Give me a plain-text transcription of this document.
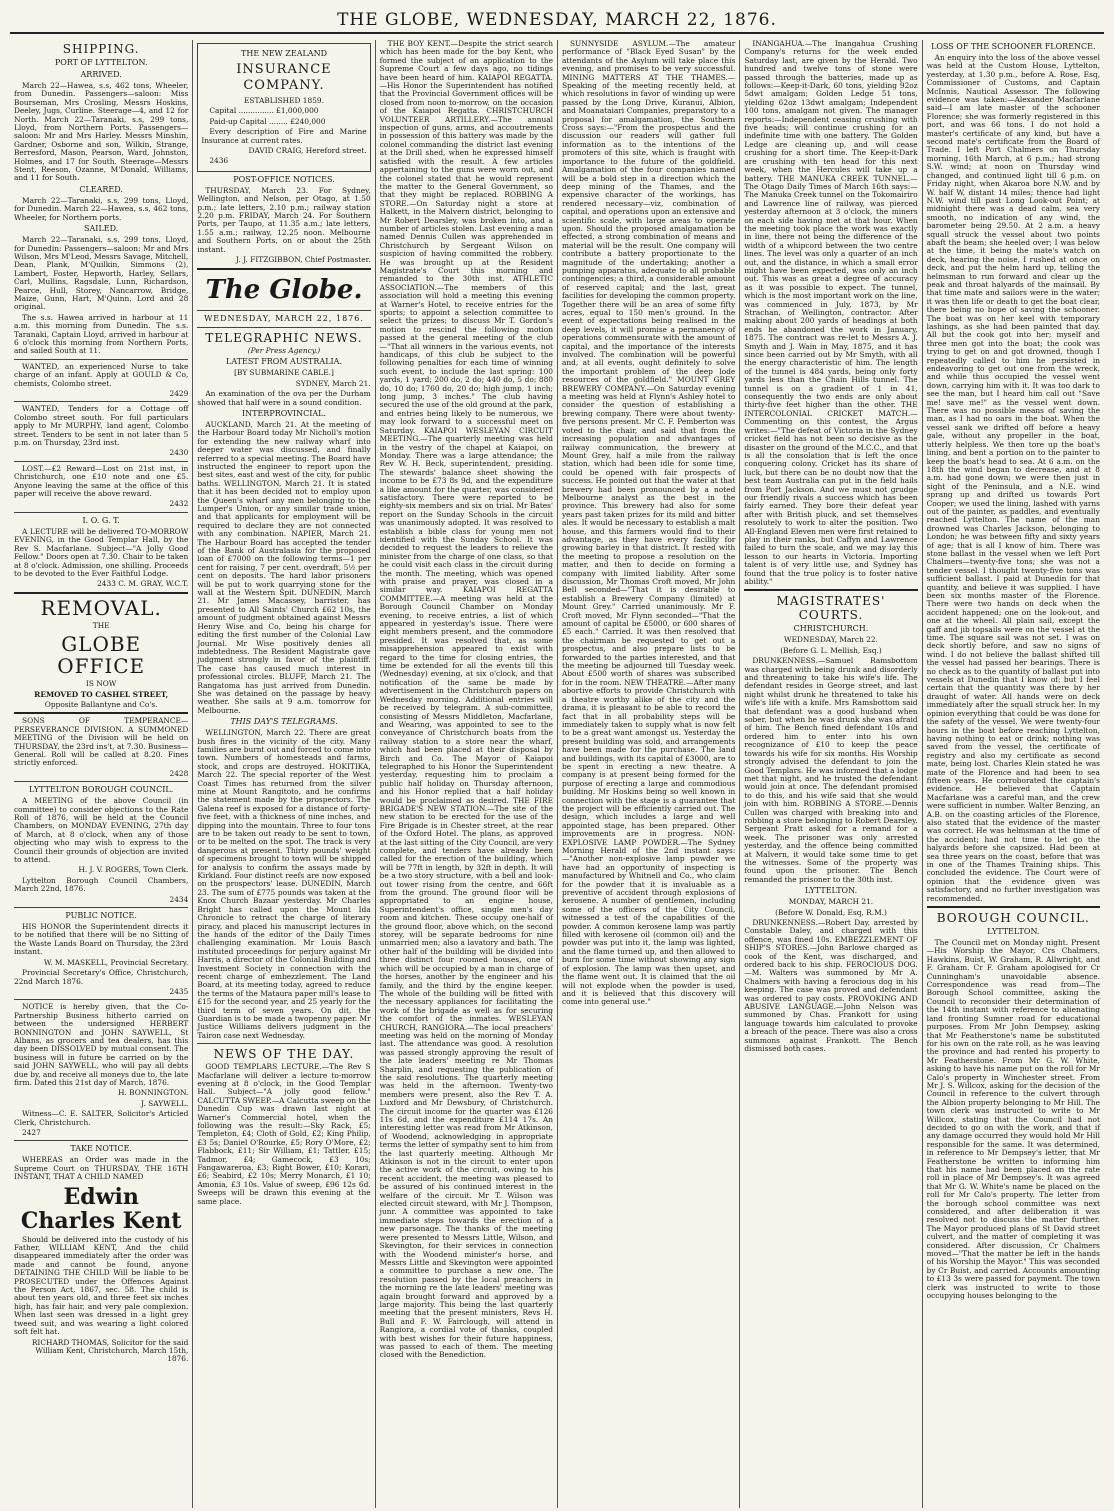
THE GLOBE, WEDNESDAY, MARCH 22, 1876.
SHIPPING.
PORT OF LYTTELTON.
ARRIVED.

March 22—Hawea, s.s, 462 tons, Wheeler, from Dunedin. Passengers—saloon: Miss Bourseman, Mrs Crosling, Messrs Hoskins, Deeley, Jugs, Curline. Steerage—4, and 12 for North. March 22—Taranaki, s.s, 299 tons, Lloyd, from Northern Ports. Passengers—saloon: Mr and Mrs Harley. Messrs Minshin, Gardner, Osborne and son, Wilkin, Strange, Berresford, Mason, Pearson, Ward, Johnston, Holmes, and 17 for South. Steerage—Messrs Stent, Reeson, Ozanne, M'Donald, Williams, and 11 for South.

CLEARED.

March 22—Taranaki, s.s, 299 tons, Lloyd, for Dunedin. March 22—Hawea, s.s, 462 tons, Wheeler, for Northern ports.

SAILED.

March 22—Taranaki, s.s, 299 tons, Lloyd, for Dunedin: Passengers—saloon: Mr and Mrs Wilson, Mrs M'Leod, Messrs Savage, Mitchell, Dean, Plank, M'Quilkin, Simmons (2), Lambert, Foster, Hepworth, Harley, Sellars, Carl, Mullins, Ragsdale, Lunn, Richardson, Pearce, Hull, Storey, Nancarrow, Bridge, Maize, Gunn, Hart, M'Quinn, Lord and 28 original.

The s.s. Hawea arrived in harbour at 11 a.m. this morning from Dunedin. The s.s. Taranaki, Captain Lloyd, arrived in harbour at 6 o'clock this morning from Northern Ports, and sailed South at 11.

WANTED, an experienced Nurse to take charge of an infant. Apply at GOULD & Co, chemists, Colombo street.

2429

WANTED, Tenders for a Cottage off Colombo street south. For full particulars apply to Mr MURPHY, land agent, Colombo street. Tenders to be sent in not later than 5 p.m. on Thursday, 23rd inst.

2430

LOST.—£2 Reward—Lost on 21st inst, in Christchurch, one £10 note and one £5. Anyone leaving the same at the office of this paper will receive the above reward.

2432

I. O. G. T.

A LECTURE will be delivered TO-MORROW EVENING, in the Good Templar Hall, by the Rev S. Macfarlane. Subject—"A Jolly Good Fellow." Doors open at 7.30. Chair to be taken at 8 o'clock. Admission, one shilling. Proceeds to be devoted to the Ever Faithful Lodge.

2433 C. M. GRAY, W.C.T.

REMOVAL.

THE

GLOBE OFFICE

IS NOW

REMOVED TO CASHEL STREET,

Opposite Ballantyne and Co's.

SONS OF TEMPERANCE—PERSEVERANCE DIVISION. A SUMMONED MEETING of the Division will be held on THURSDAY, the 23rd ins't, at 7.30. Business—General. Roll will be called at 8.20. Fines strictly enforced.

2428

LYTTELTON BOROUGH COUNCIL.

A MEETING of the above Council (in committee) to consider objections to the Rate Roll of 1876, will be held at the Council Chambers, on MONDAY EVENING, 27th day of March, at 8 o'clock, when any of those objecting who may wish to express to the Council their grounds of objection are invited to attend.

H. J. V. ROGERS, Town Clerk.

Lyttelton Borough Council Chambers, March 22nd, 1876.

2434

PUBLIC NOTICE.

HIS HONOR the Superintendent directs it to be notified that there will be no Sitting of the Waste Lands Board on Thursday, the 23rd instant.

W. M. MASKELL, Provincial Secretary.

Provincial Secretary's Office, Christchurch, 22nd March 1876.

2435

NOTICE is hereby given, that the Co-Partnership Business hitherto carried on between the undersigned HERBERT BONNINGTON and JOHN SAYWELL, St Albans, as grocers and tea dealers, has this day been DISSOLVED by mutual consent. The business will in future be carried on by the said JOHN SAYWELL, who will pay all debts due by, and receive all moneys due to, the late firm. Dated this 21st day of March, 1876.

H. BONNINGTON.

J. SAYWELL.

Witness—C. E. SALTER, Solicitor's Articled Clerk, Christchurch.

2427

TAKE NOTICE.

WHEREAS an Order was made in the Supreme Court on THURSDAY, THE 16TH INSTANT, THAT A CHILD NAMED

Edwin Charles Kent

Should be delivered into the custody of his Father, WILLIAM KENT, And the child disappeared immediately after the order was made and cannot be found, anyone DETAINING THE CHILD Will be liable to be PROSECUTED under the Offences Against the Person Act, 1867, sec. 58. The child is about ten years old, and three feet six inches high, has fair hair, and very pale complexion. When last seen was dressed in a light grey tweed suit, and was wearing a light colored soft felt hat.

RICHARD THOMAS, Solicitor for the said William Kent, Christchurch, March 15th, 1876.

THE NEW ZEALAND
INSURANCE COMPANY.

ESTABLISHED 1859.

Capital ............... £1,000,000

Paid-up Capital ........ £240,000

Every description of Fire and Marine Insurance at current rates.

DAVID CRAIG, Hereford street.

2436

POST-OFFICE NOTICES.

THURSDAY, March 23. For Sydney, Wellington, and Nelson, per Otago, at 1.50 p.m.; late letters, 2.10 p.m.; railway station 2.20 p.m. FRIDAY, March 24. For Southern Ports, per Taupo, at 11.35 a.m.; late letters, 1.55 a.m.; railway, 12.25 noon. Melbourne and Southern Ports, on or about the 25th instant.

J. J. FITZGIBBON, Chief Postmaster.

The Globe.
WEDNESDAY, MARCH 22, 1876.
TELEGRAPHIC NEWS.

(Per Press Agency.)

LATEST FROM AUSTRALIA.

[BY SUBMARINE CABLE.]

SYDNEY, March 21.

An examination of the ova per the Durham showed that half were in a sound condition.

INTERPROVINCIAL.

AUCKLAND, March 21. At the meeting of the Harbour Board today Mr Nicholl's motion for extending the new railway wharf into deeper water was discussed, and finally referred to a special meeting. The Board have instructed the engineer to report upon the best sites, east and west of the city, for public baths. WELLINGTON, March 21. It is stated that it has been decided not to employ upon the Queen's wharf any men belonging to the Lumper's Union, or any similar trade union, and that applicants for employment will be required to declare they are not connected with any combination. NAPIER, March 21. The Harbour Board has accepted the tender of the Bank of Australasia for the proposed loan of £7000 on the following terms—1 per cent for raising, 7 per cent. overdraft, 5½ per cent on deposits. The hard labor prisoners will be put to work quarrying stone for the wall at the Western Spit. DUNEDIN, March 21. Mr James Macassey, barrister, has presented to All Saints' Church £62 10s, the amount of judgment obtained against Messrs Henry Wise and Co, being his charge for editing the first number of the Colonial Law Journal. Mr Wise positively denies all indebtedness. The Resident Magistrate gave judgment strongly in favor of the plaintiff. The case has caused much interest in professional circles. BLUFF, March 21. The Rangatoma has just arrived from Dunedin. She was detained on the passage by heavy weather. She sails at 9 a.m. tomorrow for Melbourne.

THIS DAY'S TELEGRAMS.

WELLINGTON, March 22. There are great bush fires in the vicinity of the city. Many families are burnt out and forced to come into town. Numbers of homesteads and farms, stock, and crops are destroyed. HOKITIKA, March 22. The special reporter of the West Coast Times has returned from the silver mine at Mount Rangitoto, and he confirms the statement made by the prospectors. The Galena reef is exposed for a distance of forty-five feet, with a thickness of nine inches, and dipping into the mountain. Three to four tons are to be taken out ready to be sent to town, or to be melted on the spot. The track is very dangerous at present. Thirty pounds' weight of specimens brought to town will be shipped for analysis to confirm the assays made by Kirkland. Four distinct reefs are now exposed on the prospectors' lease. DUNEDIN, March 23. The sum of £775 pounds was taken at the Knox Church Bazaar yesterday. Mr Charles Bright has called upon the Mount Ida Chronicle to retract the charge of literary piracy, and placed his manuscript lectures in the hands of the editor of the Daily Times challenging examination. Mr Louis Basch instituted proceedings for perjury against Mr Harris, a director of the Colonial Building and Investment Society in connection with the recent charge of embezzlement. The Land Board, at its meeting today, agreed to reduce the terms of the Mataura paper mill's lease to £15 for the second year, and 25 yearly for the third term of seven years. On dit, the Guardian is to be made a twopenny paper. Mr Justice Williams delivers judgment in the Tairon case next Wednesday.

NEWS OF THE DAY.

GOOD TEMPLARS LECTURE.—The Rev S Macfarlane will deliver a lecture to-morrow evening at 8 o'clock, in the Good Templar Hall. Subject—"A jolly good fellow." CALCUTTA SWEEP.—A Calcutta sweep on the Dunedin Cup was drawn last night at Warner's Commercial hotel, when the following was the result:—Sky Rack, £5; Templeton, £4; Cloth of Gold, £2; King Philip, £3 5s; Daniel O'Rourke, £5; Rory O'More, £2; Flabbock, £11; Sir William, £1; Tattler, £15; Tadmor, £4; Gamecock, £3 10s; Fangawareroa, £3; Right Bower, £10; Korari, £6; Seabird, £2 10s; Merry Monarch, £1 10; Amonia, £3 10s. Value of sweep, £96 12s 6d. Sweeps will be drawn this evening at the same place.

THE BOY KENT.—Despite the strict search which has been made for the boy Kent, who formed the subject of an application to the Supreme Court a few days ago, no tidings have been heard of him. KAIAPOI REGATTA.—His Honor the Superintendent has notified that the Provincial Government offices will be closed from noon to-morrow, on the occasion of the Kaiapoi Regatta. CHRISTCHURCH VOLUNTEER ARTILLERY.—The annual inspection of guns, arms, and accoutrements in possession of this battery was made by the colonel commanding the district last evening at the Drill shed, when he expressed himself satisfied with the result. A few articles appertaining to the guns were worn out, and the colonel stated that he would represent the matter to the General Government, so that they might be replaced. ROBBING A STORE.—On Saturday night a store at Halkett, in the Malvern district, belonging to Mr Robert Dearsley, was broken into, and a number of articles stolen. Last evening a man named Dennis Cullen was apprehended in Christchurch by Sergeant Wilson on suspicion of having committed the robbery. He was brought up at the Resident Magistrate's Court this morning and remanded to the 30th inst. ATHLETIC ASSOCIATION.—The members of this association will hold a meeting this evening at Warner's Hotel, to receive entries for the sports; to appoint a selection committee to select the prizes; to discuss Mr T. Gordon's motion to rescind the following motion passed at the general meeting of the club—"That all winners in the various events, not handicaps, of this club be subject to the following penalties for each time of winning such event, to include the last spring: 100 yards, 1 yard; 200 do, 2 do; 440 do, 5 do; 880 do, 10 do; 1760 do, 20 do; high jump, 1 inch; long jump, 3 inches." The club having secured the use of the old ground at the park, and entries being likely to be numerous, we may look forward to a successful meet on Saturday. KAIAPOI WESLEYAN CIRCUIT MEETING.—The quarterly meeting was held in the vestry of the chapel at Kaiapoi, on Monday. There was a large attendance; the Rev W. H. Beck, superintendent, presiding. The stewards' balance sheet showing the income to be £73 8s 9d, and the expenditure a like amount for the quarter, was considered satisfactory. There were reported to be eighty-six members and six on trial. Mr Bates' report on the Sunday Schools in the circuit was unanimously adopted. It was resolved to establish a bible class for young men not identified with the Sunday School. It was decided to request the leaders to relieve the minister from the charge of one class, so that he could visit each class in the circuit during the month. The meeting, which was opened with praise and prayer, was closed in a similar way. KAIAPOI REGATTA COMMITTEE.—A meeting was held at the Borough Council Chamber on Monday evening, to receive entries, a list of which appeared in yesterday's issue. There were eight members present, and the commodore presided. It was resolved that, as some misapprehension appeared to exist with regard to the time for closing entries, the time be extended for all the events till this (Wednesday) evening, at six o'clock, and that notification of the same be made by advertisement in the Christchurch papers on Wednesday morning. Additional entries will be received by telegram. A sub-committee, consisting of Messrs Middleton, Macfarlane, and Wearing, was appointed to see to the conveyance of Christchurch boats from the railway station to a store near the wharf, which had been placed at their disposal by Birch and Co. The Mayor of Kaiapoi telegraphed to his Honor the Superintendent yesterday, requesting him to proclaim a public half holiday on Thursday afternoon, and his Honor replied that a half holiday would be proclaimed as desired. THE FIRE BRIGADE'S NEW STATION.—The site of the new station to be erected for the use of the Fire Brigade is in Chester street, at the rear of the Oxford Hotel. The plans, as approved at the last sitting of the City Council, are very complete, and tenders have already been called for the erection of the building, which will be 77ft in length, by 32ft in depth. It will be a two story structure, with a bell and look-out tower rising from the centre, and 66ft from the ground. The ground floor will be appropriated to an engine house, Superintendent's office, single men's day room and kitchen. These occupy one-half of the ground floor, above which, on the second storey, will be separate bedrooms for nine unmarried men; also a lavatory and bath. The other half of the building will be divided into three distinct four roomed houses, one of which will be occupied by a man in charge of the horses, another by the engineer and his family, and the third by the engine keeper. The whole of the building will be fitted with the necessary appliances for facilitating the work of the brigade as well as for securing the comfort of the inmates. WESLEYAN CHURCH, RANGIORA.—The local preachers' meeting was held on the morning of Monday last. The attendance was good. A resolution was passed strongly approving the result of the late leaders' meeting re Mr Thomas Sharplin, and requesting the publication of the said resolutions. The quarterly meeting was held in the afternoon. Twenty-two members were present, also the Rev T. A. Luxford and Mr Dewsbury, of Christchurch. The circuit income for the quarter was £126 11s 6d, and the expenditure £114 17s. An interesting letter was read from Mr Atkinson, of Woodend, acknowledging in appropriate terms the letter of sympathy sent to him from the last quarterly meeting. Although Mr Atkinson is not in the circuit to enter upon the active work of the circuit, owing to his recent accident, the meeting was pleased to be assured of his continued interest in the welfare of the circuit. Mr T. Wilson was elected circuit steward, with Mr J. Thompson, junr. A committee was appointed to take immediate steps towards the erection of a new parsonage. The thanks of the meeting were presented to Messrs Little, Wilson, and Skevington, for their services in connection with the Woodend minister's horse, and Messrs Little and Skevington were appointed a committee to purchase a new one. The resolution passed by the local preachers in the morning re the late leaders' meeting was again brought forward and approved by a large majority. This being the last quarterly meeting that the present ministers, Revs H. Bull and F. W. Fairclough, will attend in Rangiora, a cordial vote of thanks, coupled with best wishes for their future happiness, was passed to each of them. The meeting closed with the Benediction.

SUNNYSIDE ASYLUM.—The amateur performance of "Black Eyed Susan" by the attendants of the Asylum will take place this evening, and promises to be very successful. MINING MATTERS AT THE THAMES.—Speaking of the meeting recently held, at which resolutions in favor of winding up were passed by the Long Drive, Kuranui, Albion, and Moanataiari Companies, preparatory to a proposal for amalgamation, the Southern Cross says:—"From the prospectus and the discussion our readers will gather full information as to the intentions of the promoters of this site, which is fraught with importance to the future of the goldfield. Amalgamation of the four companies named will be a bold step in a direction which the deep mining of the Thames, and the expensive character of the workings, has rendered necessary—viz, combination of capital, and operations upon an extensive and scientific scale, with large areas to operate upon. Should the proposed amalgamation be effected, a strong combination of means and material will be the result. One company will contribute a battery proportionate to the magnitude of the undertaking; another a pumping apparatus, adequate to all probable contingencies; a third, a considerable amount of reserved capital; and the last, great facilities for developing the common property. Together there will be an area of some fifty acres, equal to 150 men's ground. In the event of expectations being realised in the deep levels, it will promise a permanency of operations commensurate with the amount of capital, and the importance of the interests involved. The combination will be powerful and, at all events, ought definitely to solve the important problem of the deep lode resources of the goldfield." MOUNT GREY BREWERY COMPANY.—On Saturday evening a meeting was held at Flynn's Ashley hotel to consider the question of establishing a brewing company. There were about twenty-five persons present. Mr C. F. Pemberton was voted to the chair, and said that from the increasing population and advantages of railway communication, the brewery at Mount Grey, half a mile from the railway station, which had been idle for some time, could be opened with fair prospects of success. He pointed out that the water at that brewery had been pronounced by a noted Melbourne analyst as the best in the province. This brewery had also for some years past taken prizes for its mild and bitter ales. It would be necessary to establish a malt house, and this farmers would find to their advantage, as they have every facility for growing barley in that district. It rested with the meeting to propose a resolution on the matter, and then to decide on forming a company with limited liability. After some discussion, Mr Thomas Croft moved, Mr John Bell seconded—"That it is desirable to establish a Brewery Company (limited) at Mount Grey." Carried unanimously. Mr F. Croft moved, Mr Flynn seconded—"That the amount of capital be £5000, or 600 shares of £5 each." Carried. It was then resolved that the chairman be requested to get out a prospectus, and also prepare lists to be forwarded to the parties interested, and that the meeting be adjourned till Tuesday week. About £500 worth of shares was subscribed for in the room. NEW THEATRE.—After many abortive efforts to provide Christchurch with a theatre worthy alike of the city and the drama, it is pleasant to be able to record the fact that in all probability steps will be immediately taken to supply what is now felt to be a great want amongst us. Yesterday the present building was sold, and arrangements have been made for the purchase. The land and buildings, with its capital of £3000, are to be spent in erecting a new theatre. A company is at present being formed for the purpose of erecting a large and commodious building. Mr Hoskins being so well known in connection with the stage is a guarantee that the project will be efficiently carried out. The design, which includes a large and well appointed stage, has been prepared. Other improvements are in progress. NON-EXPLOSIVE LAMP POWDER.—The Sydney Morning Herald of the 2nd instant says:—"Another non-explosive lamp powder we have had an opportunity of inspecting is manufactured by Whitnell and Co., who claim for the powder that it is invaluable as a preventive of accident through explosions of kerosene. A number of gentlemen, including some of the officers of the City Council, witnessed a test of the capabilities of the powder. A common kerosene lamp was partly filled with kerosene oil (common oil) and the powder was put into it, the lamp was lighted, and the flame turned up, and then allowed to burn for some time without showing any sign of explosion. The lamp was then upset, and the flame went out. It is claimed that the oil will not explode when the powder is used, and it is believed that this discovery will come into general use."

INANGAHUA.—The Inangahua Crushing Company's returns for the week ended Saturday last, are given by the Herald. Two hundred and twelve tons of stone were passed through the batteries, made up as follows:—Keep-it-Dark, 60 tons, yielding 92oz 5dwt amalgam; Golden Ledge 51 tons, yielding 62oz 13dwt amalgam; Independent 100 tons, amalgam not given. The manager reports:—Independent ceasing crushing with five heads; will continue crushing for an indefinite time with one battery. The Golden Ledge are cleaning up, and will cease crushing for a short time. The Keep-it-Dark are crushing with ten head for this next week, when the Hercules will take up a battery. THE MANUKA CREEK TUNNEL.—The Otago Daily Times of March 16th says:—The Manuka Creek tunnel on the Tokomairiro and Lawrence line of railway, was pierced yesterday afternoon at 3 o'clock, the miners on each side having met at that hour. When the meeting took place the work was exactly in line, there not being the difference of the width of a whipcord between the two centre lines. The level was only a quarter of an inch out, and the distance, in which a small error might have been expected, was only an inch out. This was as great a degree of accuracy as it was possible to expect. The tunnel, which is the most important work on the line, was commenced in July, 1873, by Mr Strachan, of Wellington, contractor. After making about 200 yards of headings at both ends he abandoned the work in January, 1875. The contract was re-let to Messrs A. J. Smyth and J. Wain in May, 1875, and it has since been carried out by Mr Smyth, with all the energy characteristic of him. The length of the tunnel is 484 yards, being only forty yards less than the Chain Hills tunnel. The tunnel is on a gradient of 1 in 41, consequently the two ends are only about thirty-five feet higher than the other. THE INTERCOLONIAL CRICKET MATCH.—Commenting on this contest, the Argus writes:—"The defeat of Victoria in the Sydney cricket field has not been so decisive as the disaster on the ground of the M.C.C., and that is all the consolation that is left the once conquering colony. Cricket has its share of luck, but there can be no doubt now that the best team Australia can put in the field hails from Port Jackson. And we must not grudge our friendly rivals a success which has been fairly earned. They bore their defeat year after with British pluck, and set themselves resolutely to work to alter the position. Two All-England Eleven men were first retained to play in their ranks, but Caffyn and Lawrence failed to turn the scale, and we may lay this lesson to our hearts in Victoria. Importing talent is of very little use, and Sydney has found that the true policy is to foster native ability."

MAGISTRATES' COURTS.
CHRISTCHURCH.

WEDNESDAY, March 22.

(Before G. L. Mellish, Esq.)

DRUNKENNESS.—Samuel Ramsbottom was charged with being drunk and disorderly and threatening to take his wife's life. The defendant resides in George street, and last night whilst drunk he threatened to take his wife's life with a knife. Mrs Ramsbottom said that defendant was a good husband when sober, but when he was drunk she was afraid of him. The Bench fined defendant 10s and ordered him to enter into his own recognizance of £10 to keep the peace towards his wife for six months. His Worship strongly advised the defendant to join the Good Templars. He was informed that a lodge met that night, and he trusted the defendant would join at once. The defendant promised to do this, and his wife said that she would join with him. ROBBING A STORE.—Dennis Cullen was charged with breaking into and robbing a store belonging to Robert Dearsley. Sergeant Pratt asked for a remand for a week. The prisoner was only arrested yesterday, and the offence being committed at Malvern, it would take some time to get the witnesses. Some of the property was found upon the prisoner. The Bench remanded the prisoner to the 30th inst.

LYTTELTON.

MONDAY, MARCH 21.

(Before W. Donald, Esq, R.M.)

DRUNKENNESS.—Robert Day, arrested by Constable Daley, and charged with this offence, was fined 10s. EMBEZZLEMENT OF SHIP'S STORES.—John Barlowe charged as cook of the Kent, was discharged, and ordered back to his ship. FEROCIOUS DOG.—M. Walters was summoned by Mr A. Chalmers with having a ferocious dog in his keeping. The case was proved and defendant was ordered to pay costs. PROVOKING AND ABUSIVE LANGUAGE.—John Nelson was summoned by Chas. Frankott for using language towards him calculated to provoke a breach of the peace. There was also a cross summons against Frankott. The Bench dismissed both cases.

LOSS OF THE SCHOONER FLORENCE.

An enquiry into the loss of the above vessel was held at the Custom House, Lyttelton, yesterday, at 1.30 p.m., before A. Rose, Esq, Commissioner of Customs, and Captain McInnis, Nautical Assessor. The following evidence was taken:—Alexander Macfarlane said—I am late master of the schooner Florence; she was formerly registered in this port, and was 66 tons. I do not hold a master's certificate of any kind, but have a second mate's certificate from the Board of Trade. I left Port Chalmers on Thursday morning, 16th March, at 6 p.m.; had strong S.W. wind; at noon on Thursday wind changed, and continued light till 6 p.m. on Friday night, when Akaroa bore N.W. and by W. half W, distant 14 miles; thence had light N.W. wind till past Long Look-out Point; at midnight there was a dead calm, sea very smooth, no indication of any wind, the barometer being 29.50. At 2 a.m. a heavy squall struck the vessel about two points abaft the beam; she heeled over; I was below at the time, it being the mate's watch on deck, hearing the noise, I rushed at once on deck, and put the helm hard up, telling the helmsman to run forward and clear up the peak and throat halyards of the mainsail. By that time mate and sailors were in the water; it was then life or death to get the boat clear, there being no hope of saving the schooner. The boat was on her keel with temporary lashings, as she had been painted that day. All but the cook got into her; myself and three men got into the boat; the cook was trying to get on and got drowned, though I repeatedly called to him he persisted in endeavoring to get out one from the wreck, and while thus occupied the vessel went down, carrying him with it. It was too dark to see the man, but I heard him call out "Save me! save me!" as the vessel went down. There was no possible means of saving the man, as I had no oars in the boat. When the vessel sank we drifted off before a heavy gale, without any propeller in the boat, utterly helpless. We then tore up the boat's lining, and bent a portion on to the painter to keep the boat's head to sea. At 6 a.m. on the 18th the wind began to decrease, and at 8 a.m. had gone down; we were then just in sight of the Peninsula, and a N.E. wind sprang up and drifted us towards Port Cooper; we used the lining, lashed with yarns out of the painter, as paddles, and eventually reached Lyttelton. The name of the man drowned was Charles Jackson, belonging to London; he was between fifty and sixty years of age; that is all I know of him. There was stone ballast in the vessel when we left Port Chalmers—twenty-five tons; she was not a tender vessel. I thought twenty-five tons was sufficient ballast. I paid at Dunedin for that quantity, and believe it was supplied. I have been six months master of the Florence. There were two hands on deck when the accident happened; one on the look-out, and one at the wheel. All plain sail, except the gaff and jib topsails were on the vessel at the time. The square sail was not set. I was on deck shortly before, and saw no signs of wind. I do not believe the ballast shifted till the vessel had passed her bearings. There is no check as to the quantity of ballast put into vessels at Dunedin that I know of; but I feel certain that the quantity was there by her draught of water. All hands were on deck immediately after the squall struck her. In my opinion everything that could be was done for the safety of the vessel. We were twenty-four hours in the boat before reaching Lyttelton, having nothing to eat or drink; nothing was saved from the vessel, the certificate of registry and also my certificate as second mate, being lost. Charles Klein stated he was mate of the Florence and had been to sea fifteen years. He corroborated the captain's evidence. He believed that Captain Macfarlane was a careful man, and the crew were sufficient in number. Walter Benzing, an A.B. on the coasting articles of the Florence, also stated that the evidence of the master was correct. He was helmsman at the time of the accident; had not time to let go the halyards before she capsized. Had been at sea three years on the coast, before that was in one of the Thames Training ships. This concluded the evidence. The Court were of opinion that the evidence given was satisfactory, and no further investigation was recommended.

BOROUGH COUNCIL.
LYTTELTON.

The Council met on Monday night. Present—His Worship the Mayor, Crs Chalmers, Hawkins, Buist, W. Graham, R. Allwright, and F. Graham. Cr F. Graham apologised for Cr Cunningham's unavoidable absence. Correspondence was read from—The Borough School committee, asking the Council to reconsider their determination of the 14th instant with reference to alienating land fronting Sumner road for educational purposes. From Mr John Dempsey, asking that Mr Featherstone's name be substituted for his own on the rate roll, as he was leaving the province and had rented his property to Mr Featherstone. From Mr G. W. White, asking to have his name put on the roll for Mr Calo's property in Winchester street. From Mr J. S. Willcox, asking for the decision of the Council in reference to the culvert through the Albion property belonging to Mr Hill. The town clerk was instructed to write to Mr Willcox, stating that the Council had not decided to go on with the work, and that if any damage occurred they would hold Mr Hill responsible for the same. It was determined, in reference to Mr Dempsey's letter, that Mr Featherstone be written to informing him that his name had been placed on the rate roll in place of Mr Dempsey's. It was agreed that Mr G. W. White's name be placed on the roll for Mr Calo's property. The letter from the borough school committee was next considered, and after deliberation it was resolved not to discuss the matter further. The Mayor produced plans of St David street culvert, and the matter of completing it was considered. After discussion, Cr Chalmers moved—"That the matter be left in the hands of his Worship the Mayor." This was seconded by Cr Buist, and carried. Accounts amounting to £13 3s were passed for payment. The town clerk was instructed to write to those occupying houses belonging to the
